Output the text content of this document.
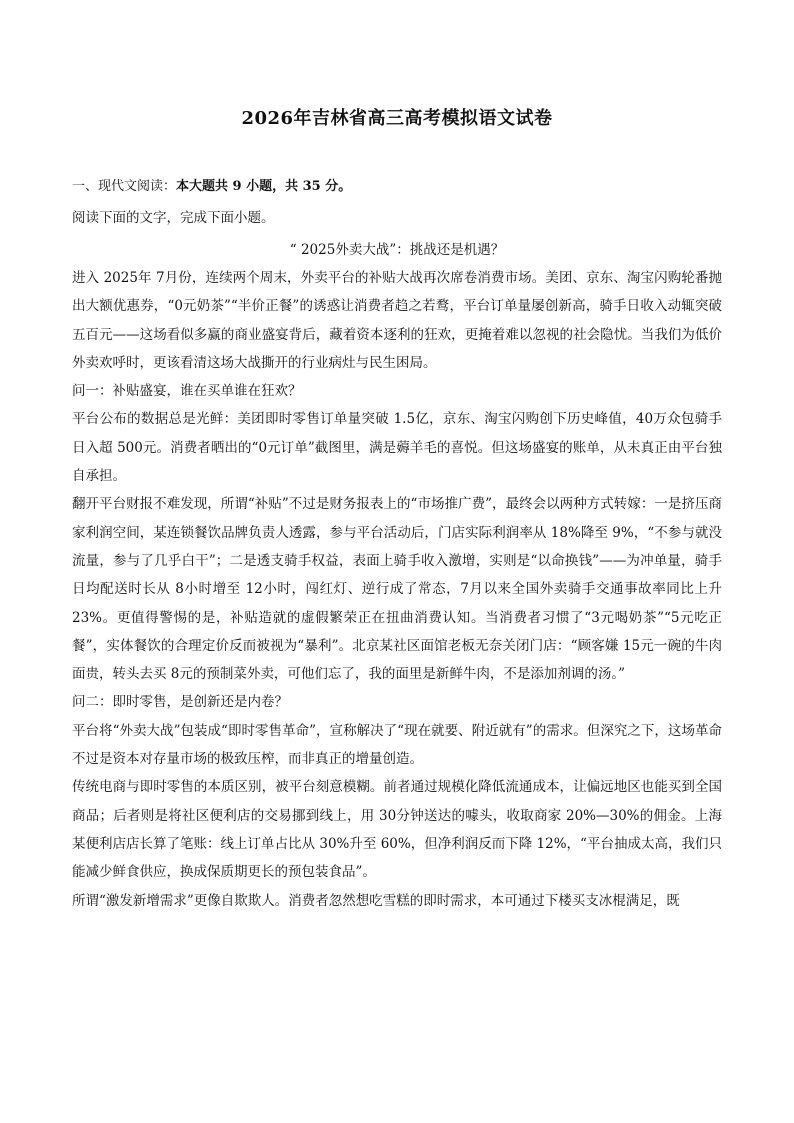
2026年吉林省高三高考模拟语文试卷
一、现代文阅读：本大题共 9 小题，共 35 分。
阅读下面的文字，完成下面小题。
“ 2025外卖大战”：挑战还是机遇？

进入 2025年 7月份，连续两个周末，外卖平台的补贴大战再次席卷消费市场。美团、京东、淘宝闪购轮番抛出大额优惠券，“0元奶茶”“半价正餐”的诱惑让消费者趋之若鹜，平台订单量屡创新高，骑手日收入动辄突破五百元——这场看似多赢的商业盛宴背后，藏着资本逐利的狂欢，更掩着难以忽视的社会隐忧。当我们为低价外卖欢呼时，更该看清这场大战撕开的行业病灶与民生困局。

问一：补贴盛宴，谁在买单谁在狂欢？

平台公布的数据总是光鲜：美团即时零售订单量突破 1.5亿，京东、淘宝闪购创下历史峰值，40万众包骑手日入超 500元。消费者晒出的“0元订单”截图里，满是薅羊毛的喜悦。但这场盛宴的账单，从未真正由平台独自承担。

翻开平台财报不难发现，所谓“补贴”不过是财务报表上的“市场推广费”，最终会以两种方式转嫁：一是挤压商家利润空间，某连锁餐饮品牌负责人透露，参与平台活动后，门店实际利润率从 18%降至 9%，“不参与就没流量，参与了几乎白干”；二是透支骑手权益，表面上骑手收入激增，实则是“以命换钱”——为冲单量，骑手日均配送时长从 8小时增至 12小时，闯红灯、逆行成了常态，7月以来全国外卖骑手交通事故率同比上升 23%。更值得警惕的是，补贴造就的虚假繁荣正在扭曲消费认知。当消费者习惯了“3元喝奶茶”“5元吃正餐”，实体餐饮的合理定价反而被视为“暴利”。北京某社区面馆老板无奈关闭门店：“顾客嫌 15元一碗的牛肉面贵，转头去买 8元的预制菜外卖，可他们忘了，我的面里是新鲜牛肉，不是添加剂调的汤。”

问二：即时零售，是创新还是内卷？

平台将“外卖大战”包装成“即时零售革命”，宣称解决了“现在就要、附近就有”的需求。但深究之下，这场革命不过是资本对存量市场的极致压榨，而非真正的增量创造。

传统电商与即时零售的本质区别，被平台刻意模糊。前者通过规模化降低流通成本，让偏远地区也能买到全国商品；后者则是将社区便利店的交易挪到线上，用 30分钟送达的噱头，收取商家 20%—30%的佣金。上海某便利店店长算了笔账：线上订单占比从 30%升至 60%，但净利润反而下降 12%，“平台抽成太高，我们只能减少鲜食供应，换成保质期更长的预包装食品”。

所谓“激发新增需求”更像自欺欺人。消费者忽然想吃雪糕的即时需求，本可通过下楼买支冰棍满足，既
